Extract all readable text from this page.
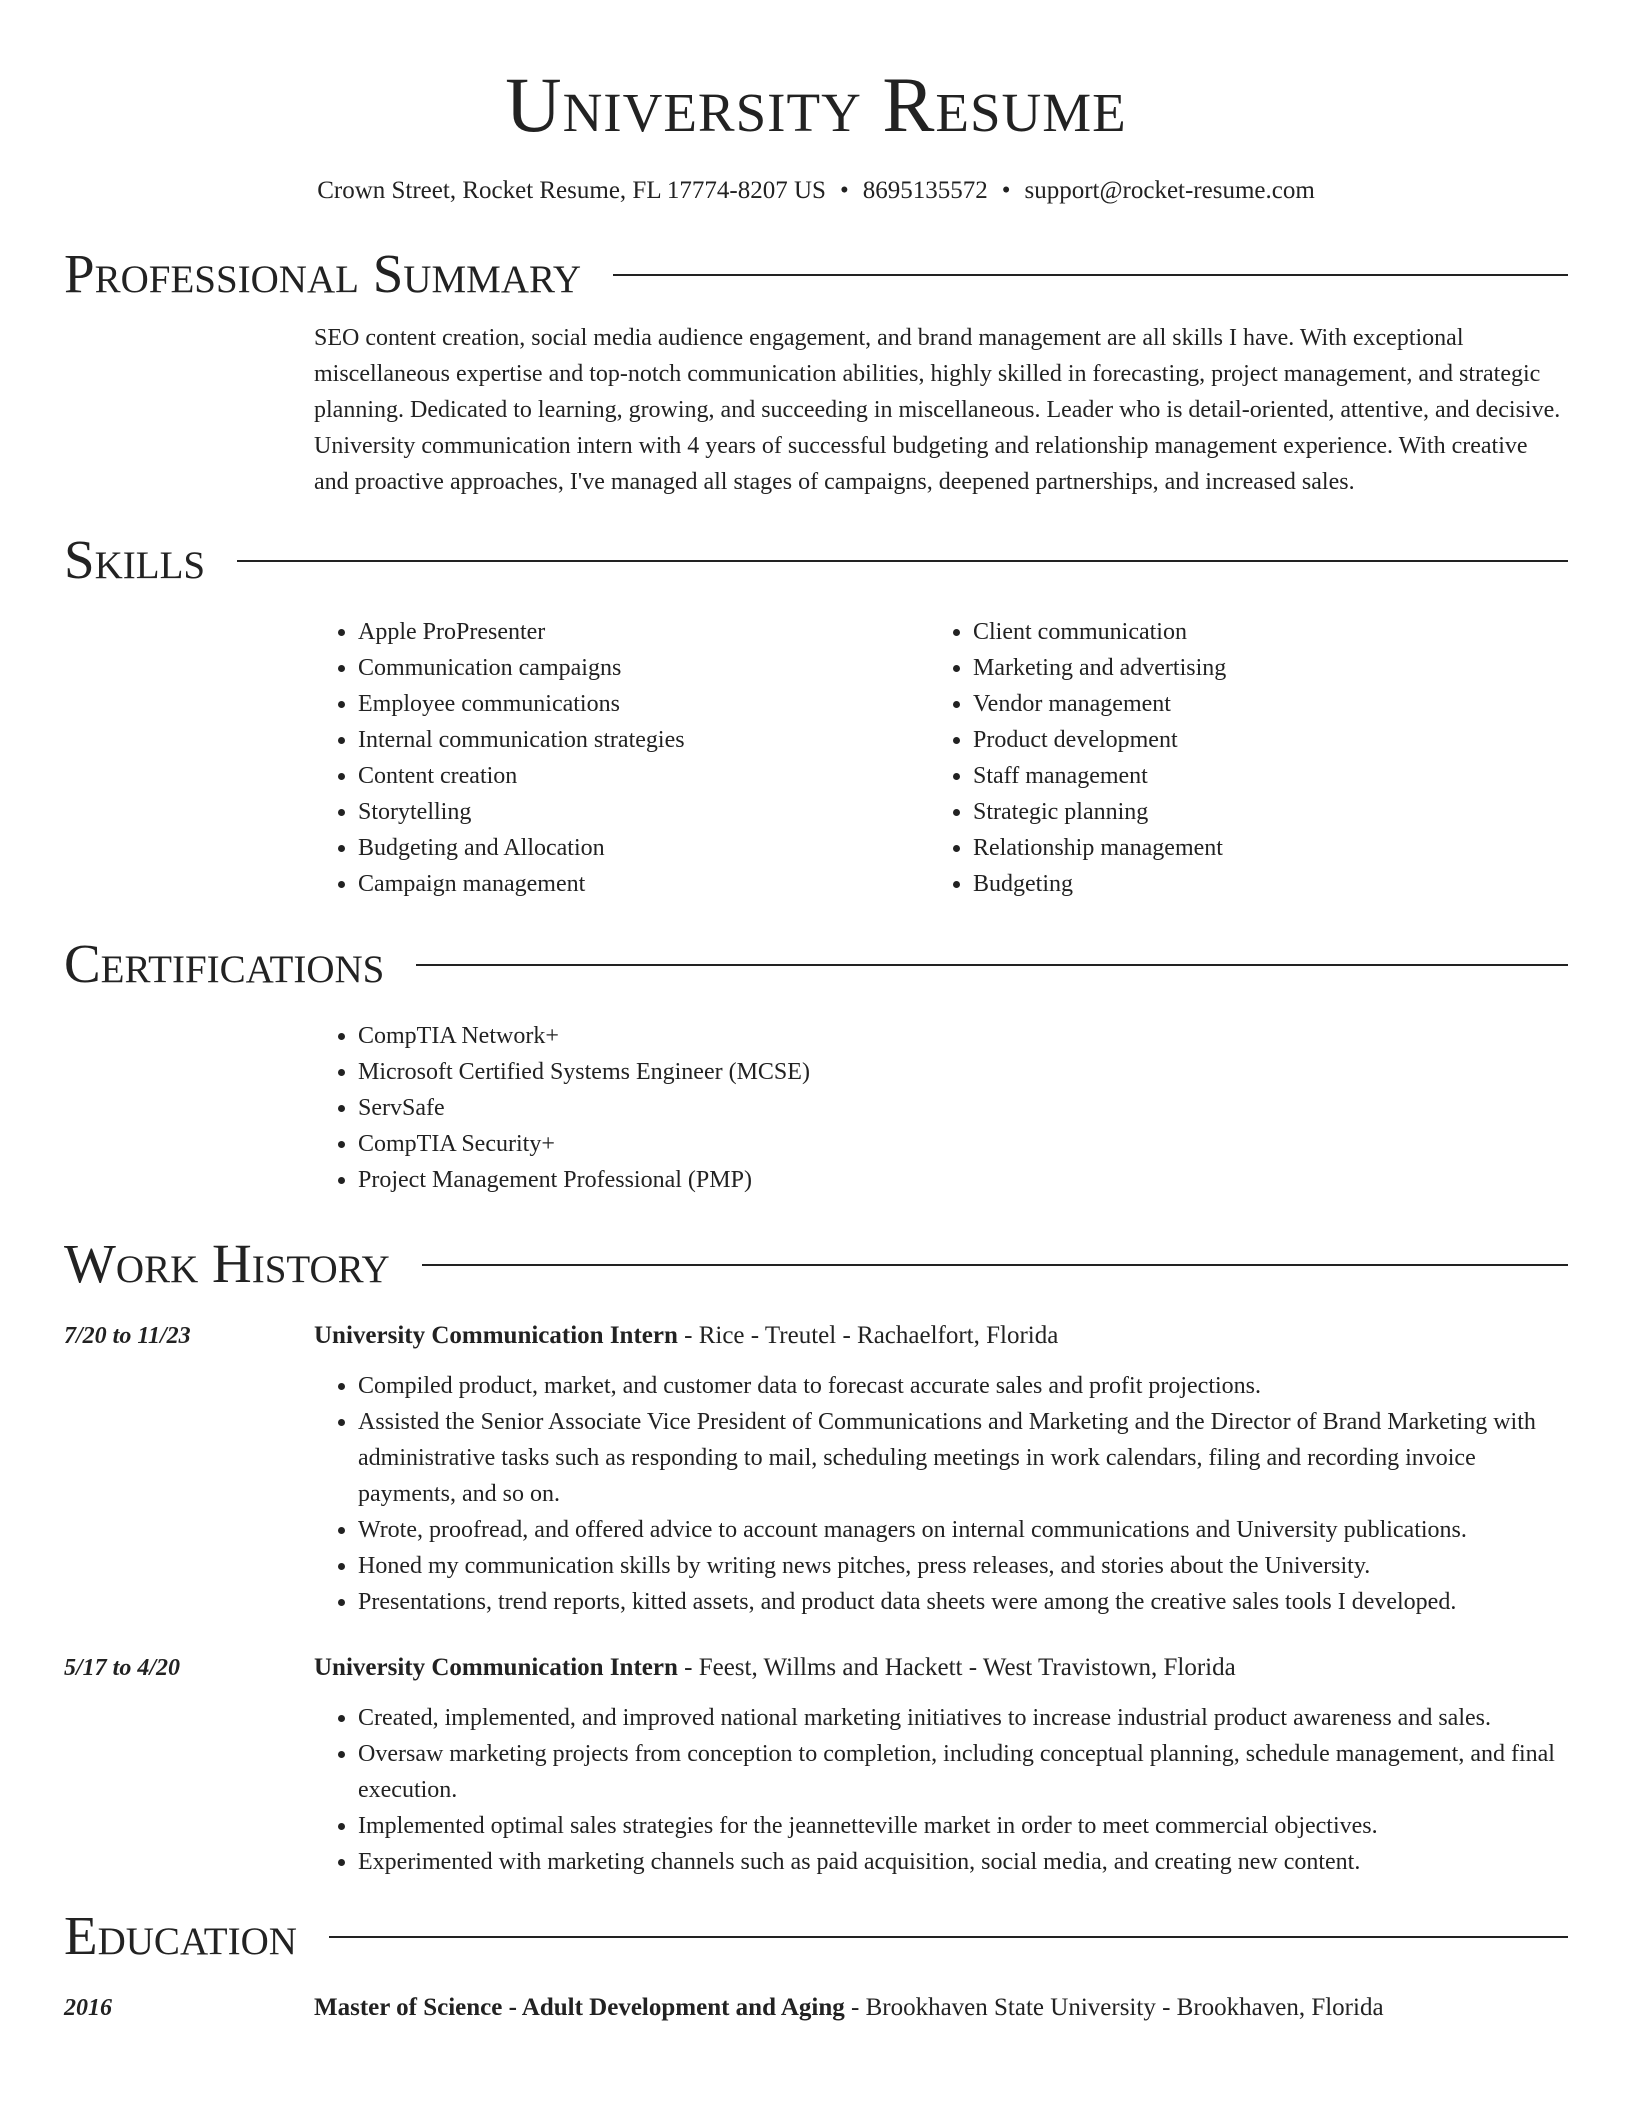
University Resume
Crown Street, Rocket Resume, FL 17774-8207 US • 8695135572 • support@rocket-resume.com
Professional Summary
SEO content creation, social media audience engagement, and brand management are all skills I have. With exceptional miscellaneous expertise and top-notch communication abilities, highly skilled in forecasting, project management, and strategic planning. Dedicated to learning, growing, and succeeding in miscellaneous. Leader who is detail-oriented, attentive, and decisive. University communication intern with 4 years of successful budgeting and relationship management experience. With creative and proactive approaches, I've managed all stages of campaigns, deepened partnerships, and increased sales.
Skills
• Apple ProPresenter
• Communication campaigns
• Employee communications
• Internal communication strategies
• Content creation
• Storytelling
• Budgeting and Allocation
• Campaign management
• Client communication
• Marketing and advertising
• Vendor management
• Product development
• Staff management
• Strategic planning
• Relationship management
• Budgeting
Certifications
• CompTIA Network+
• Microsoft Certified Systems Engineer (MCSE)
• ServSafe
• CompTIA Security+
• Project Management Professional (PMP)
Work History
7/20 to 11/23	University Communication Intern - Rice - Treutel - Rachaelfort, Florida
• Compiled product, market, and customer data to forecast accurate sales and profit projections.
• Assisted the Senior Associate Vice President of Communications and Marketing and the Director of Brand Marketing with administrative tasks such as responding to mail, scheduling meetings in work calendars, filing and recording invoice payments, and so on.
• Wrote, proofread, and offered advice to account managers on internal communications and University publications.
• Honed my communication skills by writing news pitches, press releases, and stories about the University.
• Presentations, trend reports, kitted assets, and product data sheets were among the creative sales tools I developed.
5/17 to 4/20	University Communication Intern - Feest, Willms and Hackett - West Travistown, Florida
• Created, implemented, and improved national marketing initiatives to increase industrial product awareness and sales.
• Oversaw marketing projects from conception to completion, including conceptual planning, schedule management, and final execution.
• Implemented optimal sales strategies for the jeannetteville market in order to meet commercial objectives.
• Experimented with marketing channels such as paid acquisition, social media, and creating new content.
Education
2016	Master of Science - Adult Development and Aging - Brookhaven State University - Brookhaven, Florida
